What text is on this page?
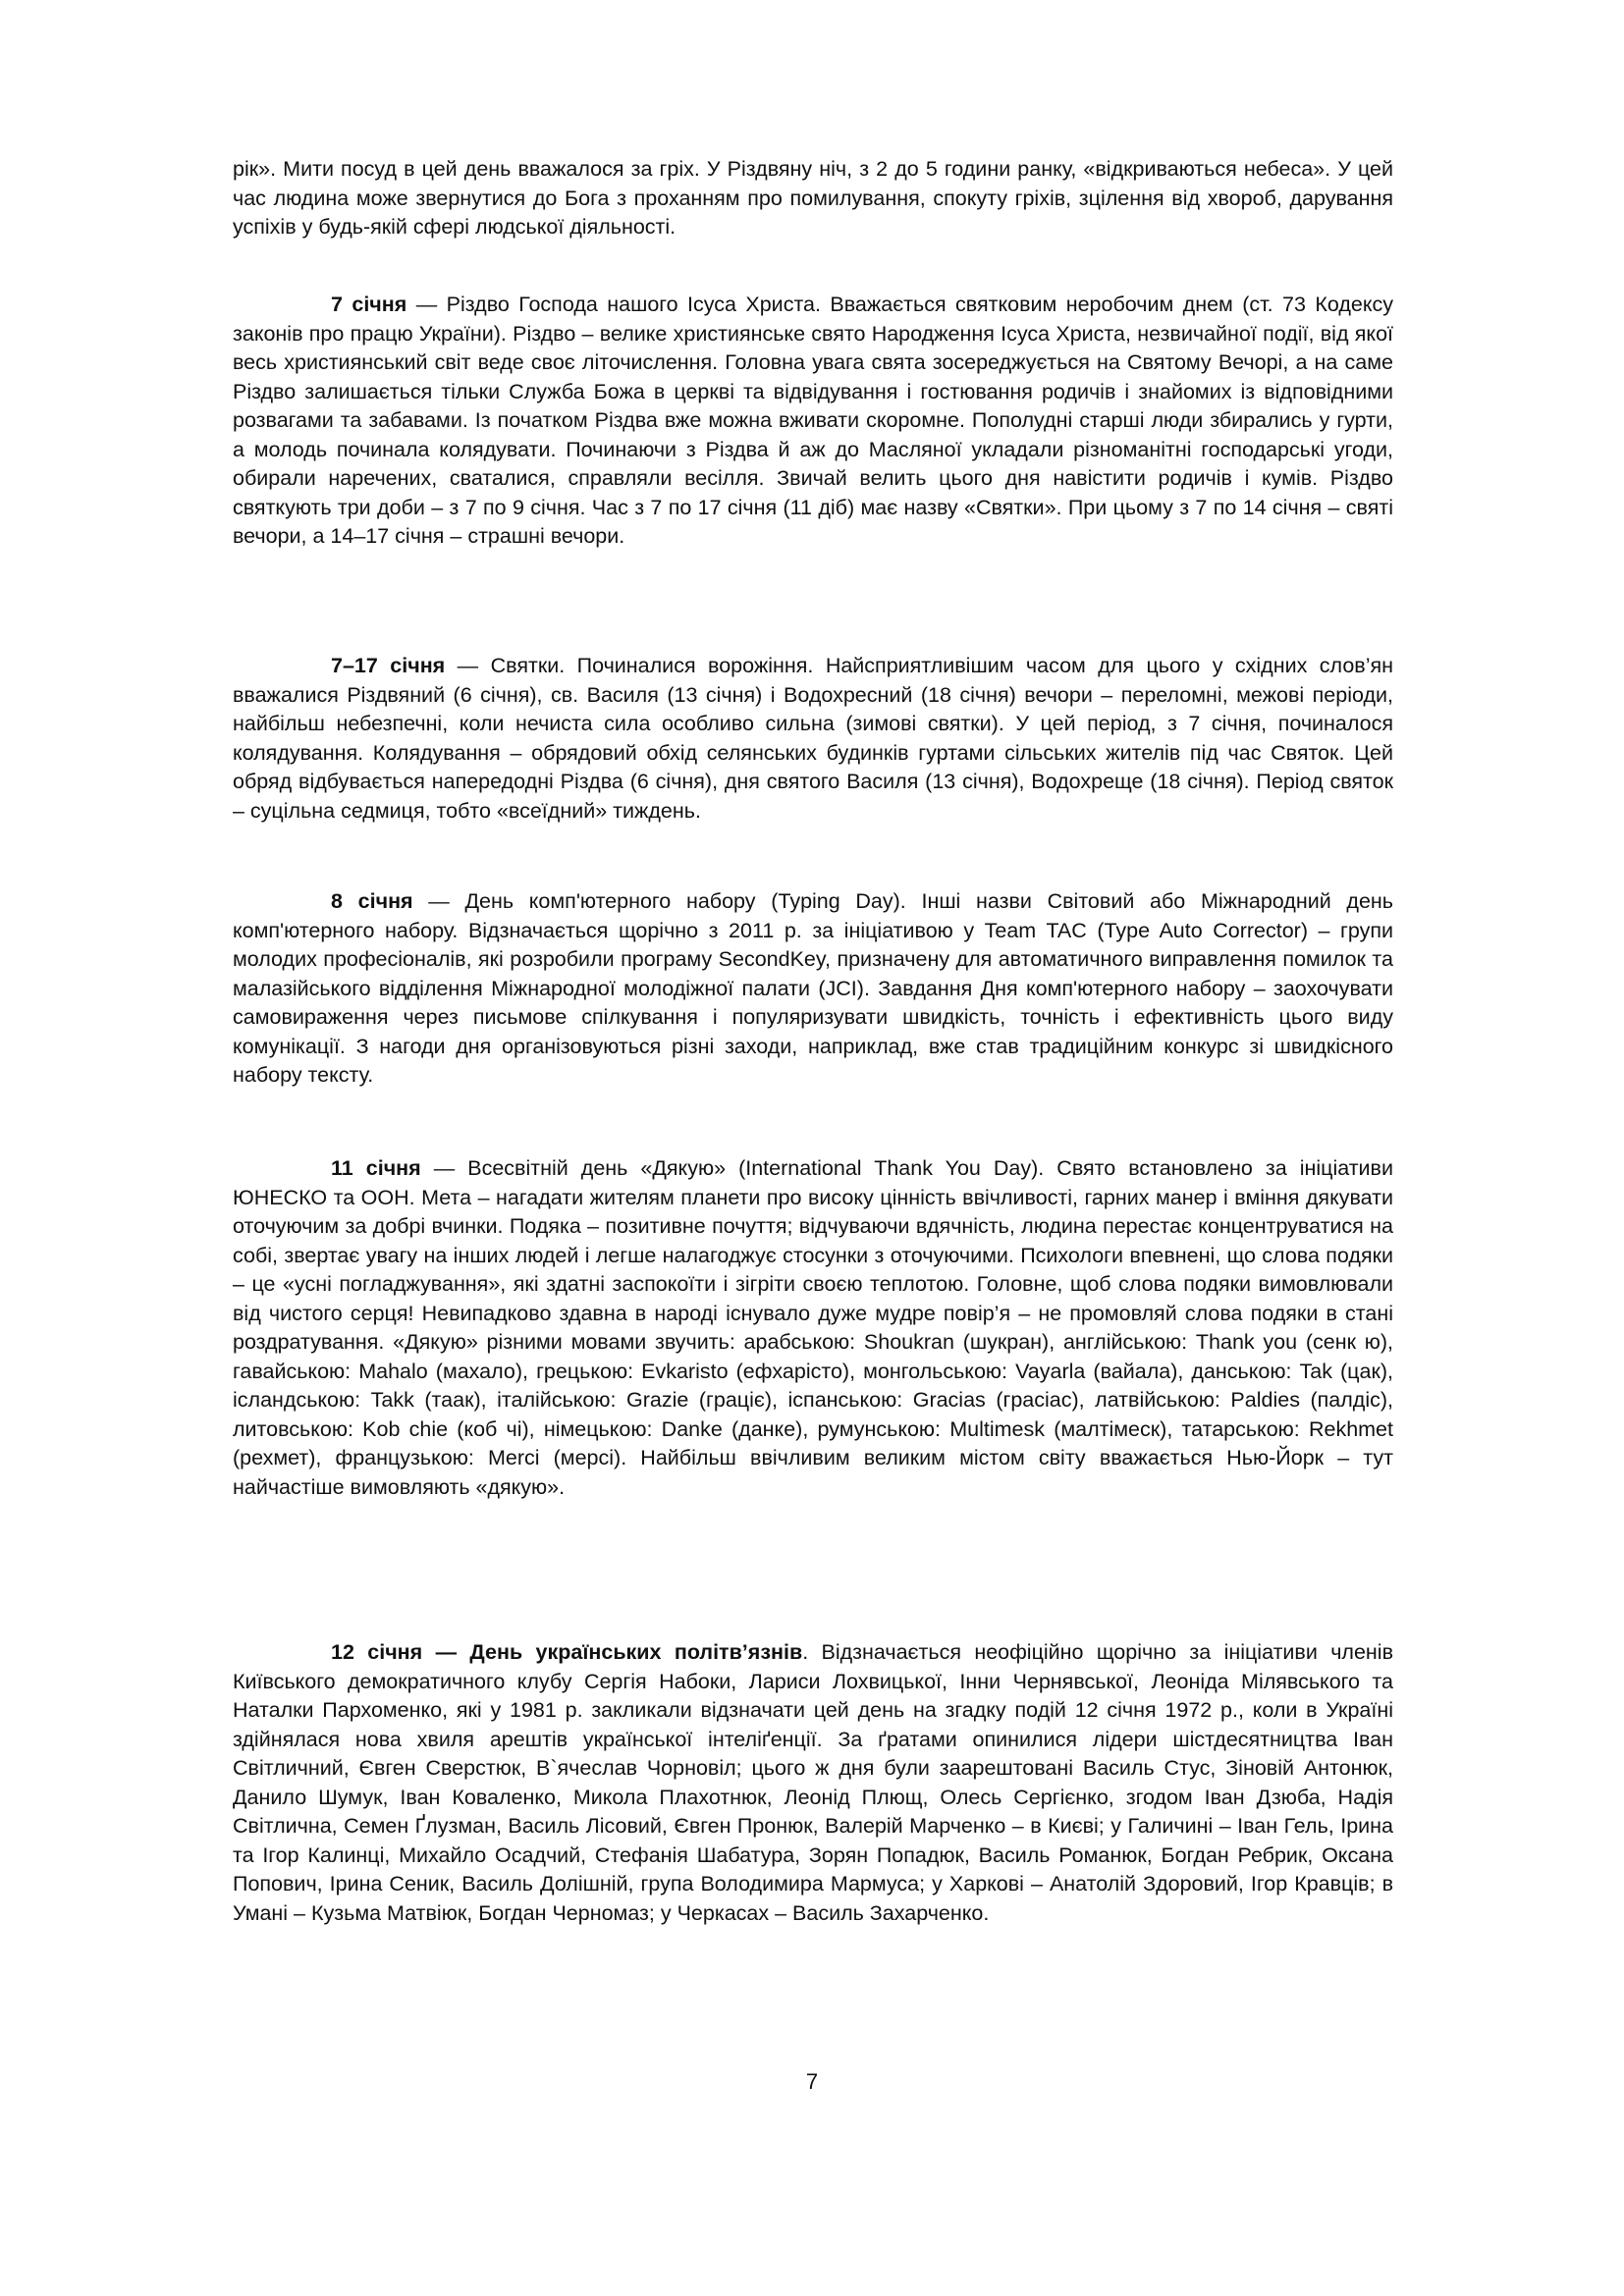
рік». Мити посуд в цей день вважалося за гріх. У Різдвяну ніч, з 2 до 5 години ранку, «відкриваються небеса». У цей час людина може звернутися до Бога з проханням про помилування, спокуту гріхів, зцілення від хвороб, дарування успіхів у будь-якій сфері людської діяльності.

7 січня — Різдво Господа нашого Ісуса Христа. Вважається святковим неробочим днем (ст. 73 Кодексу законів про працю України). Різдво – велике християнське свято Народження Ісуса Христа, незвичайної події, від якої весь християнський світ веде своє літочислення. Головна увага свята зосереджується на Святому Вечорі, а на саме Різдво залишається тільки Служба Божа в церкві та відвідування і гостювання родичів і знайомих із відповідними розвагами та забавами. Із початком Різдва вже можна вживати скоромне. Пополудні старші люди збирались у гурти, а молодь починала колядувати. Починаючи з Різдва й аж до Масляної укладали різноманітні господарські угоди, обирали наречених, сваталися, справляли весілля. Звичай велить цього дня навістити родичів і кумів. Різдво святкують три доби – з 7 по 9 січня. Час з 7 по 17 січня (11 діб) має назву «Святки». При цьому з 7 по 14 січня – святі вечори, а 14–17 січня – страшні вечори.

7–17 січня — Святки. Починалися ворожіння. Найсприятливішим часом для цього у східних слов’ян вважалися Різдвяний (6 січня), св. Василя (13 січня) і Водохресний (18 січня) вечори – переломні, межові періоди, найбільш небезпечні, коли нечиста сила особливо сильна (зимові святки). У цей період, з 7 січня, починалося колядування. Колядування – обрядовий обхід селянських будинків гуртами сільських жителів під час Святок. Цей обряд відбувається напередодні Різдва (6 січня), дня святого Василя (13 січня), Водохреще (18 січня). Період святок – суцільна седмиця, тобто «всеїдний» тиждень.

8 січня — День комп'ютерного набору (Typing Day). Інші назви Світовий або Міжнародний день комп'ютерного набору. Відзначається щорічно з 2011 р. за ініціативою у Team TAC (Type Auto Corrector) – групи молодих професіоналів, які розробили програму SecondKey, призначену для автоматичного виправлення помилок та малазійського відділення Міжнародної молодіжної палати (JCI). Завдання Дня комп'ютерного набору – заохочувати самовираження через письмове спілкування і популяризувати швидкість, точність і ефективність цього виду комунікації. З нагоди дня організовуються різні заходи, наприклад, вже став традиційним конкурс зі швидкісного набору тексту.

11 січня — Всесвітній день «Дякую» (International Thank You Day). Свято встановлено за ініціативи ЮНЕСКО та ООН. Мета – нагадати жителям планети про високу цінність ввічливості, гарних манер і вміння дякувати оточуючим за добрі вчинки. Подяка – позитивне почуття; відчуваючи вдячність, людина перестає концентруватися на собі, звертає увагу на інших людей і легше налагоджує стосунки з оточуючими. Психологи впевнені, що слова подяки – це «усні погладжування», які здатні заспокоїти і зігріти своєю теплотою. Головне, щоб слова подяки вимовлювали від чистого серця! Невипадково здавна в народі існувало дуже мудре повір’я – не промовляй слова подяки в стані роздратування. «Дякую» різними мовами звучить: арабською: Shoukran (шукран), англійською: Thank you (сенк ю), гавайською: Mahalo (махало), грецькою: Evkaristo (ефхарісто), монгольською: Vayarla (вайала), данською: Tak (цак), ісландською: Takk (таак), італійською: Grazie (граціє), іспанською: Gracias (грасіас), латвійською: Paldies (палдіс), литовською: Kob chie (коб чі), німецькою: Danke (данке), румунською: Multimesk (малтімеск), татарською: Rekhmet (рехмет), французькою: Merci (мерсі). Найбільш ввічливим великим містом світу вважається Нью-Йорк – тут найчастіше вимовляють «дякую».

12 січня — День українських політв’язнів. Відзначається неофіційно щорічно за ініціативи членів Київського демократичного клубу Сергія Набоки, Лариси Лохвицької, Інни Чернявської, Леоніда Мілявського та Наталки Пархоменко, які у 1981 р. закликали відзначати цей день на згадку подій 12 січня 1972 р., коли в Україні здійнялася нова хвиля арештів української інтеліґенції. За ґратами опинилися лідери шістдесятництва Іван Світличний, Євген Сверстюк, В`ячеслав Чорновіл; цього ж дня були заарештовані Василь Стус, Зіновій Антонюк, Данило Шумук, Іван Коваленко, Микола Плахотнюк, Леонід Плющ, Олесь Сергієнко, згодом Іван Дзюба, Надія Світлична, Семен Ґлузман, Василь Лісовий, Євген Пронюк, Валерій Марченко – в Києві; у Галичині – Іван Гель, Ірина та Ігор Калинці, Михайло Осадчий, Стефанія Шабатура, Зорян Попадюк, Василь Романюк, Богдан Ребрик, Оксана Попович, Ірина Сеник, Василь Долішній, група Володимира Мармуса; у Харкові – Анатолій Здоровий, Ігор Кравців; в Умані – Кузьма Матвіюк, Богдан Черномаз; у Черкасах – Василь Захарченко.

7
